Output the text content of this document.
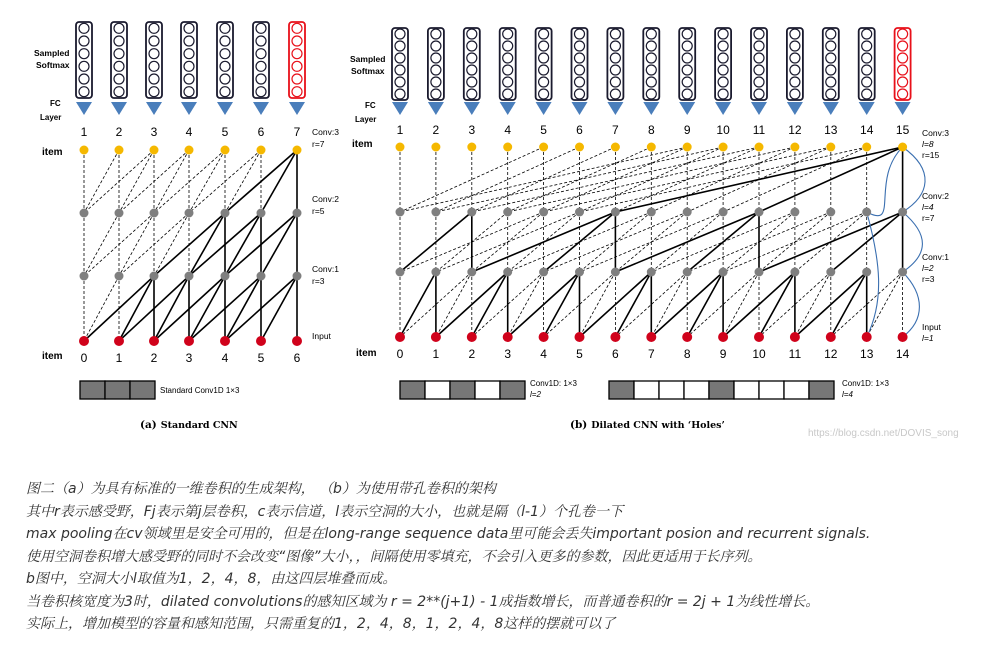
1
0
2
1
3
2
4
3
5
4
6
5
7
6
1
0
2
1
3
2
4
3
5
4
6
5
7
6
8
7
9
8
10
9
11
10
12
11
13
12
14
13
15
14
Sampled
Softmax
FC
Layer
item
item
Conv:3 r=7
Conv:2 r=5
Conv:1 r=3
Input
Standard Conv1D 1×3
(a) Standard CNN
Sampled
Softmax
FC
Layer
item
item
Conv:3 l=8 r=15
Conv:2 l=4 r=7
Conv:1 l=2 r=3
Input l=1
Conv1D: 1×3 l=2
Conv1D: 1×3 l=4
(b) Dilated CNN with ‘Holes’
https://blog.csdn.net/DOVIS_song
图二（a）为具有标准的一维卷积的生成架构， （b）为使用带孔卷积的架构
其中r表示感受野，Fj表示第j层卷积，c表示信道，l表示空洞的大小，也就是隔（l-1）个孔卷一下
max pooling在cv领域里是安全可用的，但是在long-range sequence data里可能会丢失important posion and recurrent signals.
使用空洞卷积增大感受野的同时不会改变“图像”大小，，间隔使用零填充，不会引入更多的参数，因此更适用于长序列。
b图中，空洞大小l取值为1，2，4，8，由这四层堆叠而成。
当卷积核宽度为3时，dilated convolutions的感知区域为 r = 2**(j+1) - 1成指数增长，而普通卷积的r = 2j + 1为线性增长。
实际上，增加模型的容量和感知范围，只需重复的1，2，4，8，1，2，4，8这样的摆就可以了
